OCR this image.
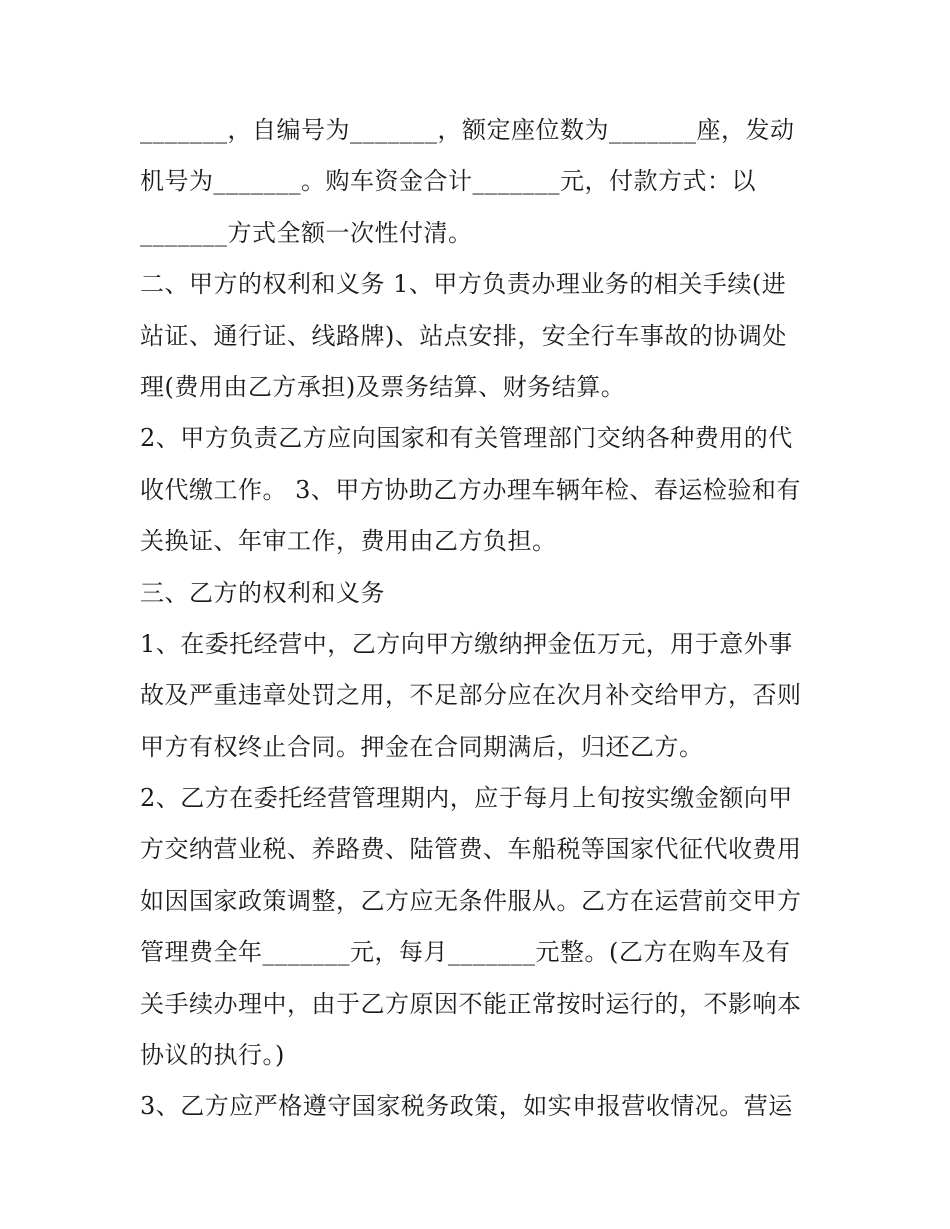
_______，自编号为_______，额定座位数为_______座，发动
机号为_______。购车资金合计_______元，付款方式：以
_______方式全额一次性付清。
二、甲方的权利和义务 1、甲方负责办理业务的相关手续(进
站证、通行证、线路牌)、站点安排，安全行车事故的协调处
理(费用由乙方承担)及票务结算、财务结算。
2、甲方负责乙方应向国家和有关管理部门交纳各种费用的代
收代缴工作。 3、甲方协助乙方办理车辆年检、春运检验和有
关换证、年审工作，费用由乙方负担。
三、乙方的权利和义务
1、在委托经营中，乙方向甲方缴纳押金伍万元，用于意外事
故及严重违章处罚之用，不足部分应在次月补交给甲方，否则
甲方有权终止合同。押金在合同期满后，归还乙方。
2、乙方在委托经营管理期内，应于每月上旬按实缴金额向甲
方交纳营业税、养路费、陆管费、车船税等国家代征代收费用
如因国家政策调整，乙方应无条件服从。乙方在运营前交甲方
管理费全年_______元，每月_______元整。(乙方在购车及有
关手续办理中，由于乙方原因不能正常按时运行的，不影响本
协议的执行。)
3、乙方应严格遵守国家税务政策，如实申报营收情况。营运
